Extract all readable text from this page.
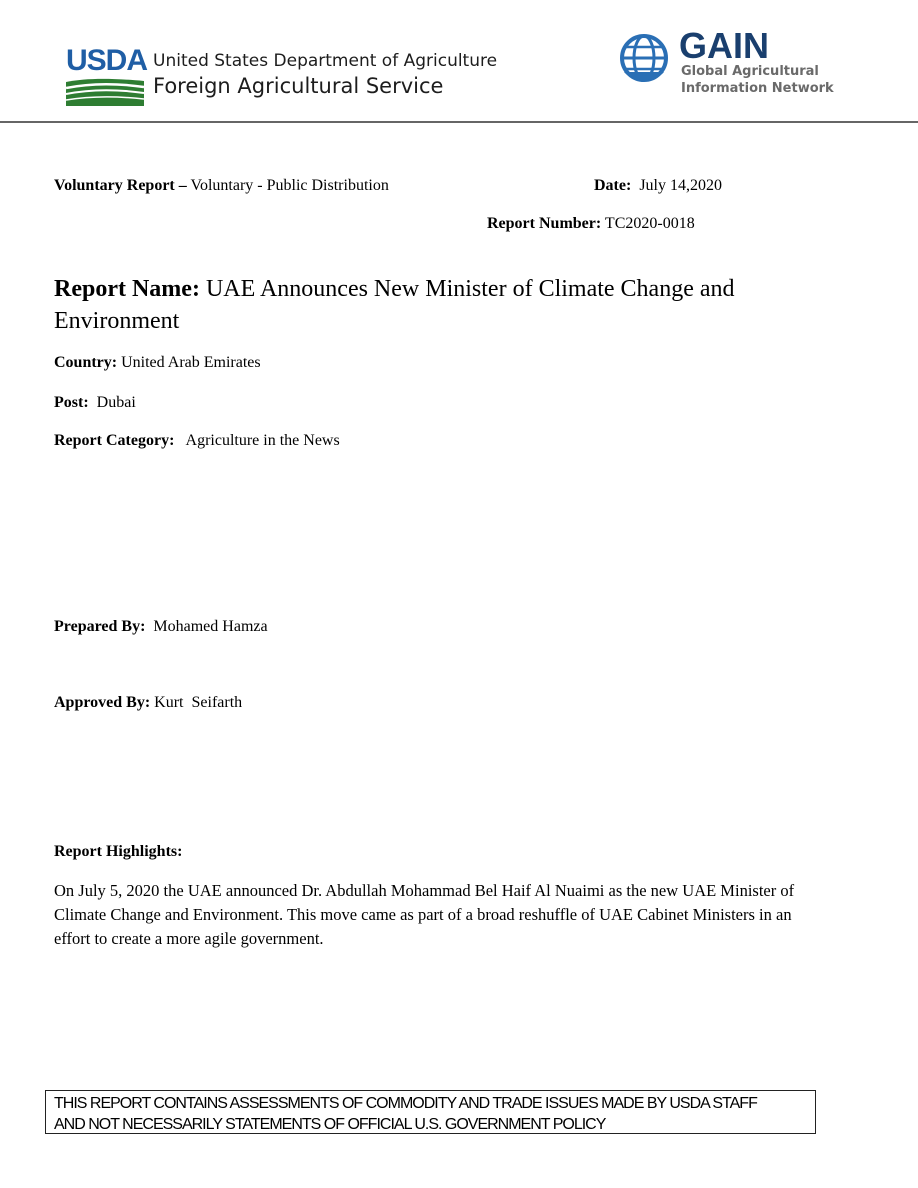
USDA United States Department of Agriculture
Foreign Agricultural Service
GAIN
Global Agricultural
Information Network
Voluntary Report – Voluntary - Public Distribution	Date:  July 14,2020
Report Number: TC2020-0018
Report Name: UAE Announces New Minister of Climate Change and Environment
Country: United Arab Emirates
Post:  Dubai
Report Category:   Agriculture in the News
Prepared By:  Mohamed Hamza
Approved By: Kurt  Seifarth
Report Highlights:
On July 5, 2020 the UAE announced Dr. Abdullah Mohammad Bel Haif Al Nuaimi as the new UAE Minister of Climate Change and Environment. This move came as part of a broad reshuffle of UAE Cabinet Ministers in an effort to create a more agile government.
THIS REPORT CONTAINS ASSESSMENTS OF COMMODITY AND TRADE ISSUES MADE BY USDA STAFF
AND NOT NECESSARILY STATEMENTS OF OFFICIAL U.S. GOVERNMENT POLICY
